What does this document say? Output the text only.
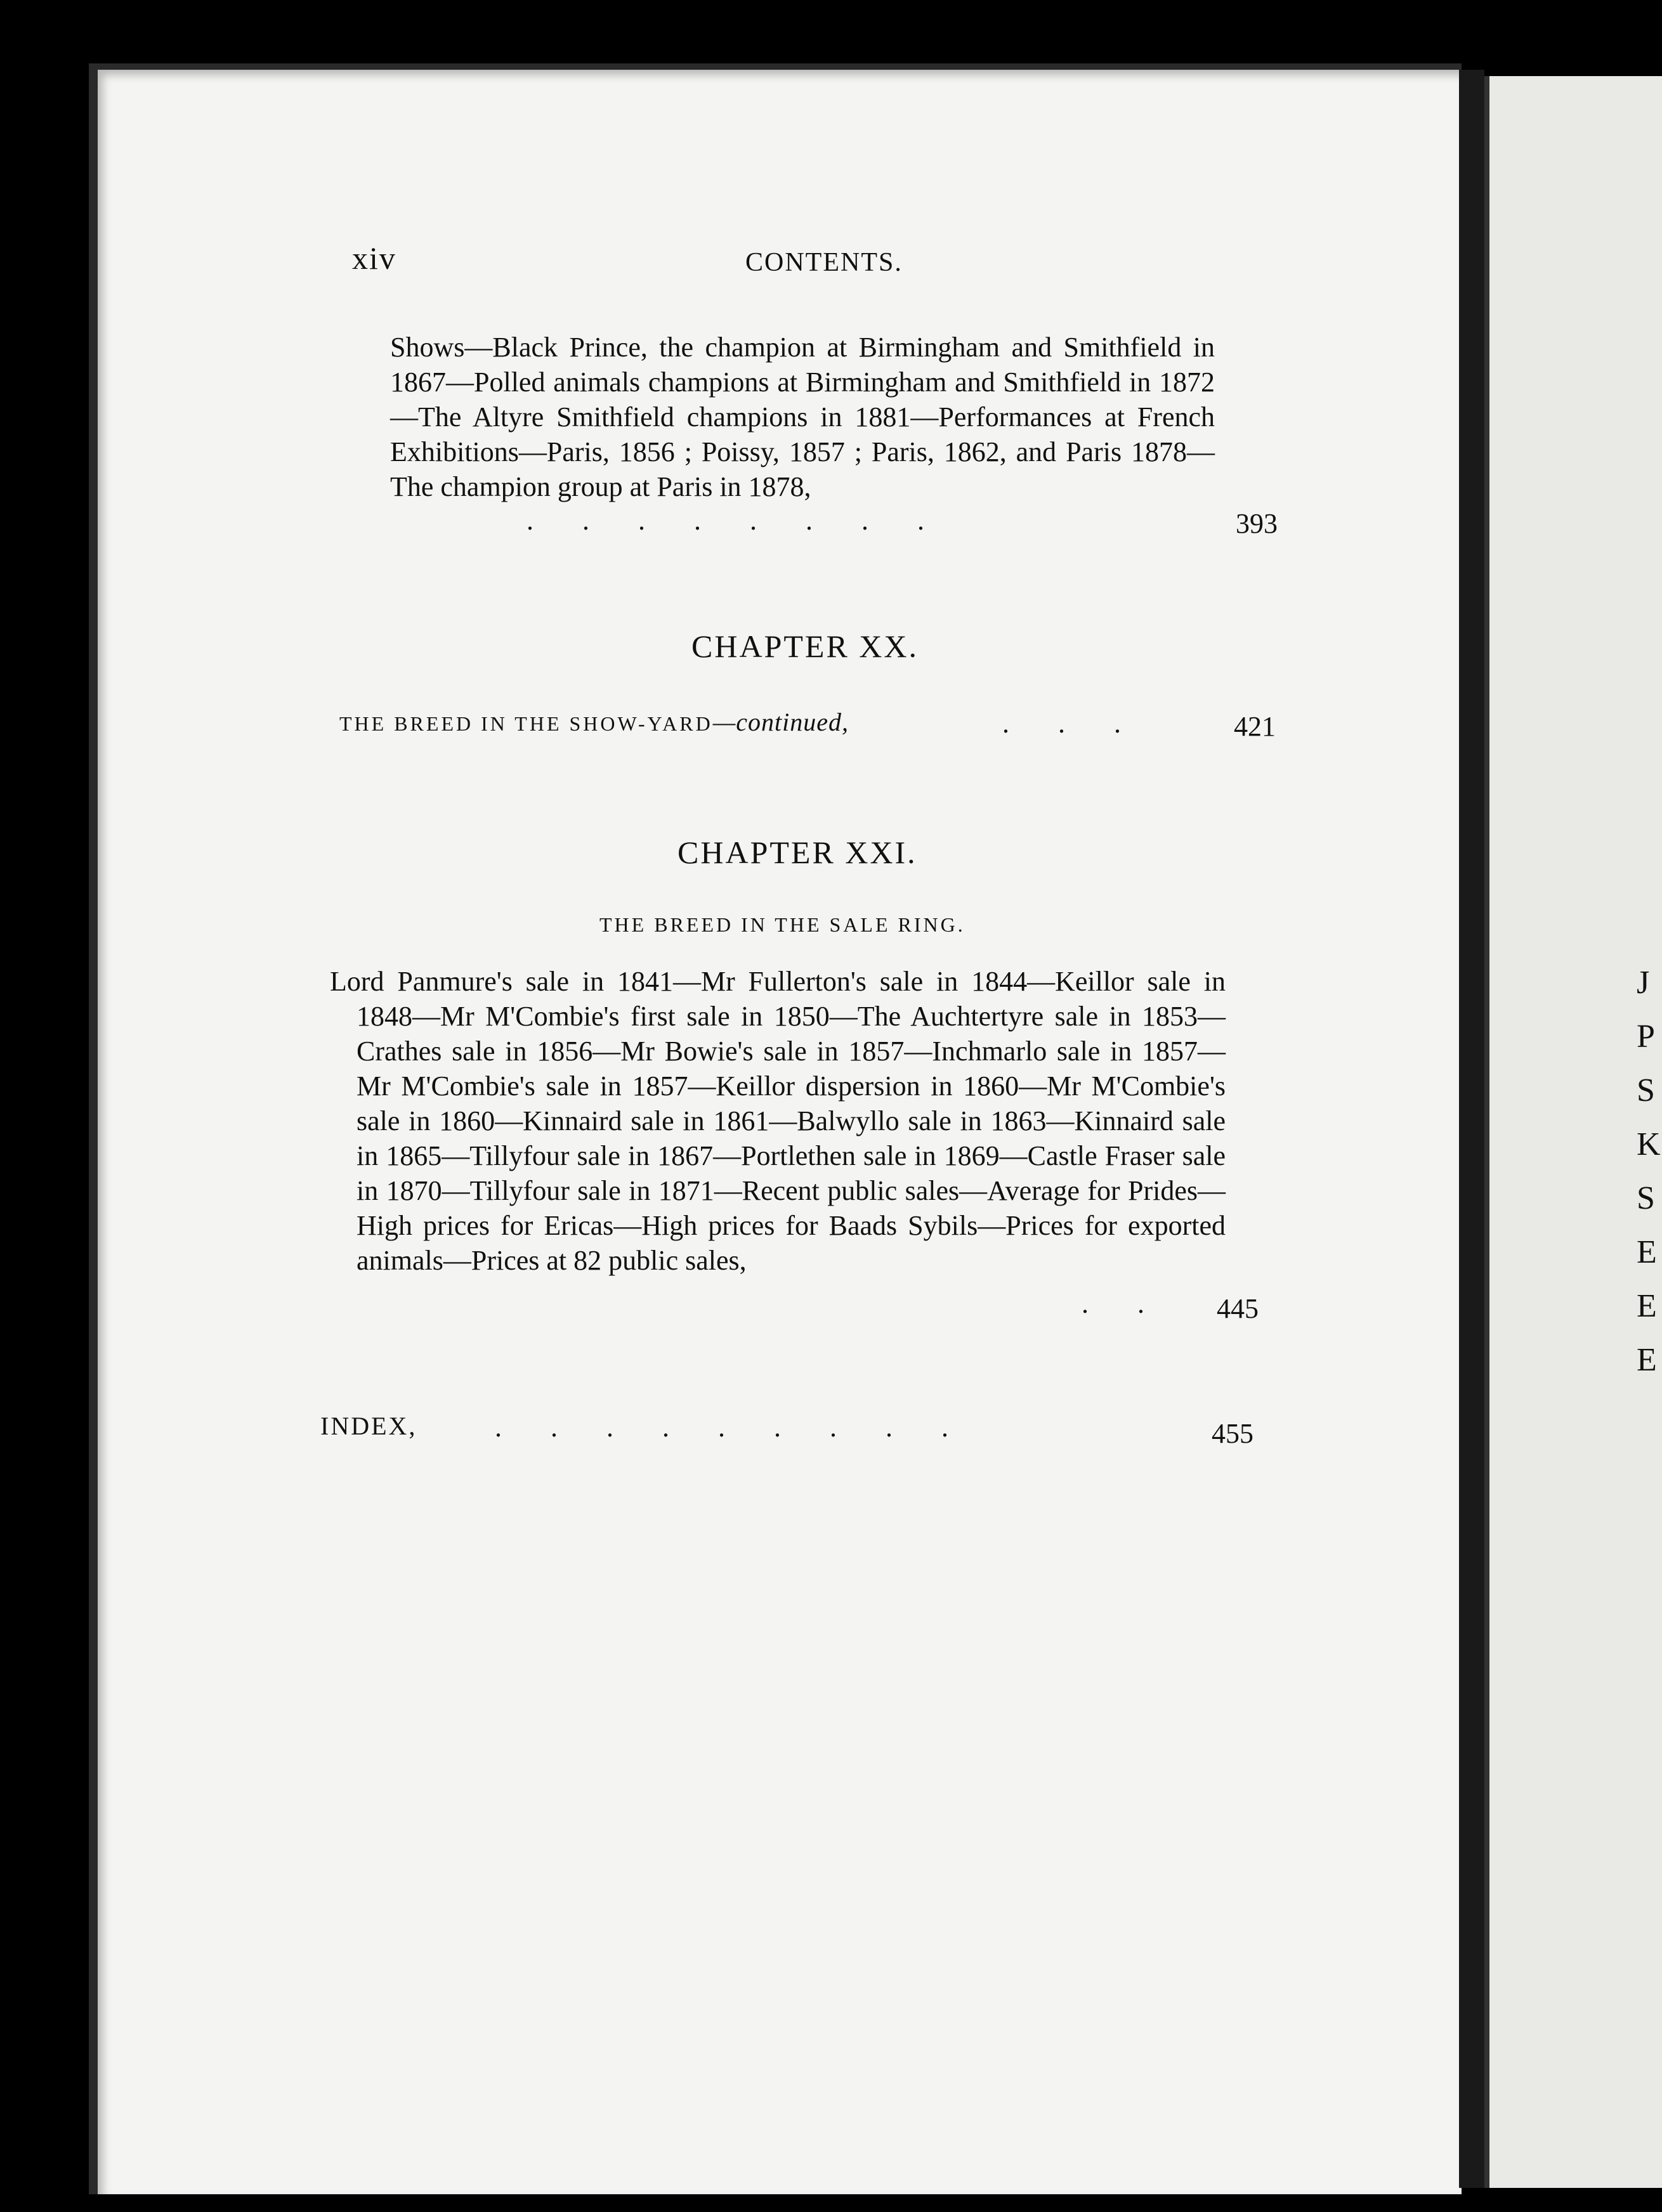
J
P
S
K
S
E
E
E
xiv	CONTENTS.
Shows—Black Prince, the champion at Birmingham and Smithfield in 1867—Polled animals champions at Birmingham and Smithfield in 1872—The Altyre Smithfield champions in 1881—Performances at French Exhibitions—Paris, 1856 ; Poissy, 1857 ; Paris, 1862, and Paris 1878—The champion group at Paris in 1878,
.       .       .       .       .       .       .       .	393
CHAPTER XX.
THE BREED IN THE SHOW-YARD—continued,	.       .       .	421
CHAPTER XXI.
THE BREED IN THE SALE RING.
Lord Panmure's sale in 1841—Mr Fullerton's sale in 1844—Keillor sale in 1848—Mr M'Combie's first sale in 1850—The Auchtertyre sale in 1853—Crathes sale in 1856—Mr Bowie's sale in 1857—Inchmarlo sale in 1857—Mr M'Combie's sale in 1857—Keillor dispersion in 1860—Mr M'Combie's sale in 1860—Kinnaird sale in 1861—Balwyllo sale in 1863—Kinnaird sale in 1865—Tillyfour sale in 1867—Portlethen sale in 1869—Castle Fraser sale in 1870—Tillyfour sale in 1871—Recent public sales—Average for Prides—High prices for Ericas—High prices for Baads Sybils—Prices for exported animals—Prices at 82 public sales,
.       .	445
INDEX,	.       .       .       .       .       .       .       .       .	455
